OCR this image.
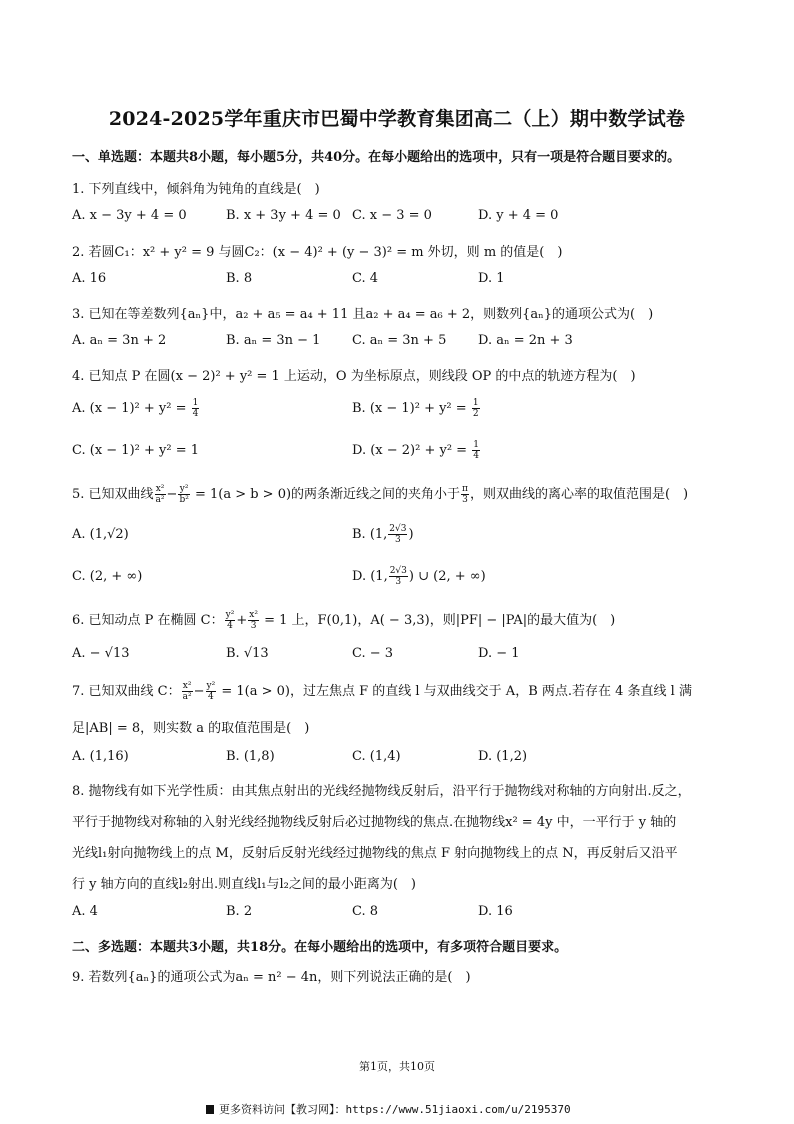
2024-2025学年重庆市巴蜀中学教育集团高二（上）期中数学试卷
一、单选题：本题共8小题，每小题5分，共40分。在每小题给出的选项中，只有一项是符合题目要求的。
1. 下列直线中，倾斜角为钝角的直线是(　)
A. x − 3y + 4 = 0	B. x + 3y + 4 = 0 C. x − 3 = 0	D. y + 4 = 0
2. 若圆C₁：x² + y² = 9 与圆C₂：(x − 4)² + (y − 3)² = m 外切，则 m 的值是(　)
A. 16	B. 8	C. 4	D. 1
3. 已知在等差数列{aₙ}中，a₂ + a₅ = a₄ + 11 且a₂ + a₄ = a₆ + 2，则数列{aₙ}的通项公式为(　)
A. aₙ = 3n + 2	B. aₙ = 3n − 1 C. aₙ = 3n + 5 D. aₙ = 2n + 3
4. 已知点 P 在圆(x − 2)² + y² = 1 上运动，O 为坐标原点，则线段 OP 的中点的轨迹方程为(　)
A. $(x - 1)^2 + y^2 = \frac{1}{4}$	B. $(x - 1)^2 + y^2 = \frac{1}{2}$
C. (x − 1)² + y² = 1	D. $(x - 2)^2 + y^2 = \frac{1}{4}$
5. 已知双曲线 $\frac{\text{x²}}{\text{a²}} - \frac{\text{y²}}{\text{b²}} = 1(a > b > 0)$的两条渐近线之间的夹角小于 $\frac{\pi}{3}$ ，则双曲线的离心率的取值范围是(　)
A. (1,√2)	B. (1, $\frac{2√3}{3}$ )
C. (2, + ∞)	D. (1, $\frac{2√3}{3}$ ) ∪ (2, + ∞)
6. 已知动点 P 在椭圆 C： $\frac{\text{y²}}{4} + \frac{\text{x²}}{3} = 1$ 上，F(0,1)，A( − 3,3)，则|PF| − |PA|的最大值为(　)
A. − √13	B. √13	C. − 3	D. − 1
7. 已知双曲线 C： $\frac{\text{x²}}{\text{a²}} - \frac{\text{y²}}{4} = 1(a > 0)$，过左焦点 F 的直线 l 与双曲线交于 A，B 两点.若存在 4 条直线 l 满
足|AB| = 8，则实数 a 的取值范围是(　)
A. (1,16)	B. (1,8)	C. (1,4)	D. (1,2)
8. 抛物线有如下光学性质：由其焦点射出的光线经抛物线反射后，沿平行于抛物线对称轴的方向射出.反之，
平行于抛物线对称轴的入射光线经抛物线反射后必过抛物线的焦点.在抛物线x² = 4y 中，一平行于 y 轴的
光线l₁射向抛物线上的点 M，反射后反射光线经过抛物线的焦点 F 射向抛物线上的点 N，再反射后又沿平
行 y 轴方向的直线l₂射出.则直线l₁与l₂之间的最小距离为(　)
A. 4	B. 2	C. 8	D. 16
二、多选题：本题共3小题，共18分。在每小题给出的选项中，有多项符合题目要求。
9. 若数列{aₙ}的通项公式为aₙ = n² − 4n，则下列说法正确的是(　)
第1页，共10页
更多资料访问【教习网】：https://www.51jiaoxi.com/u/2195370
